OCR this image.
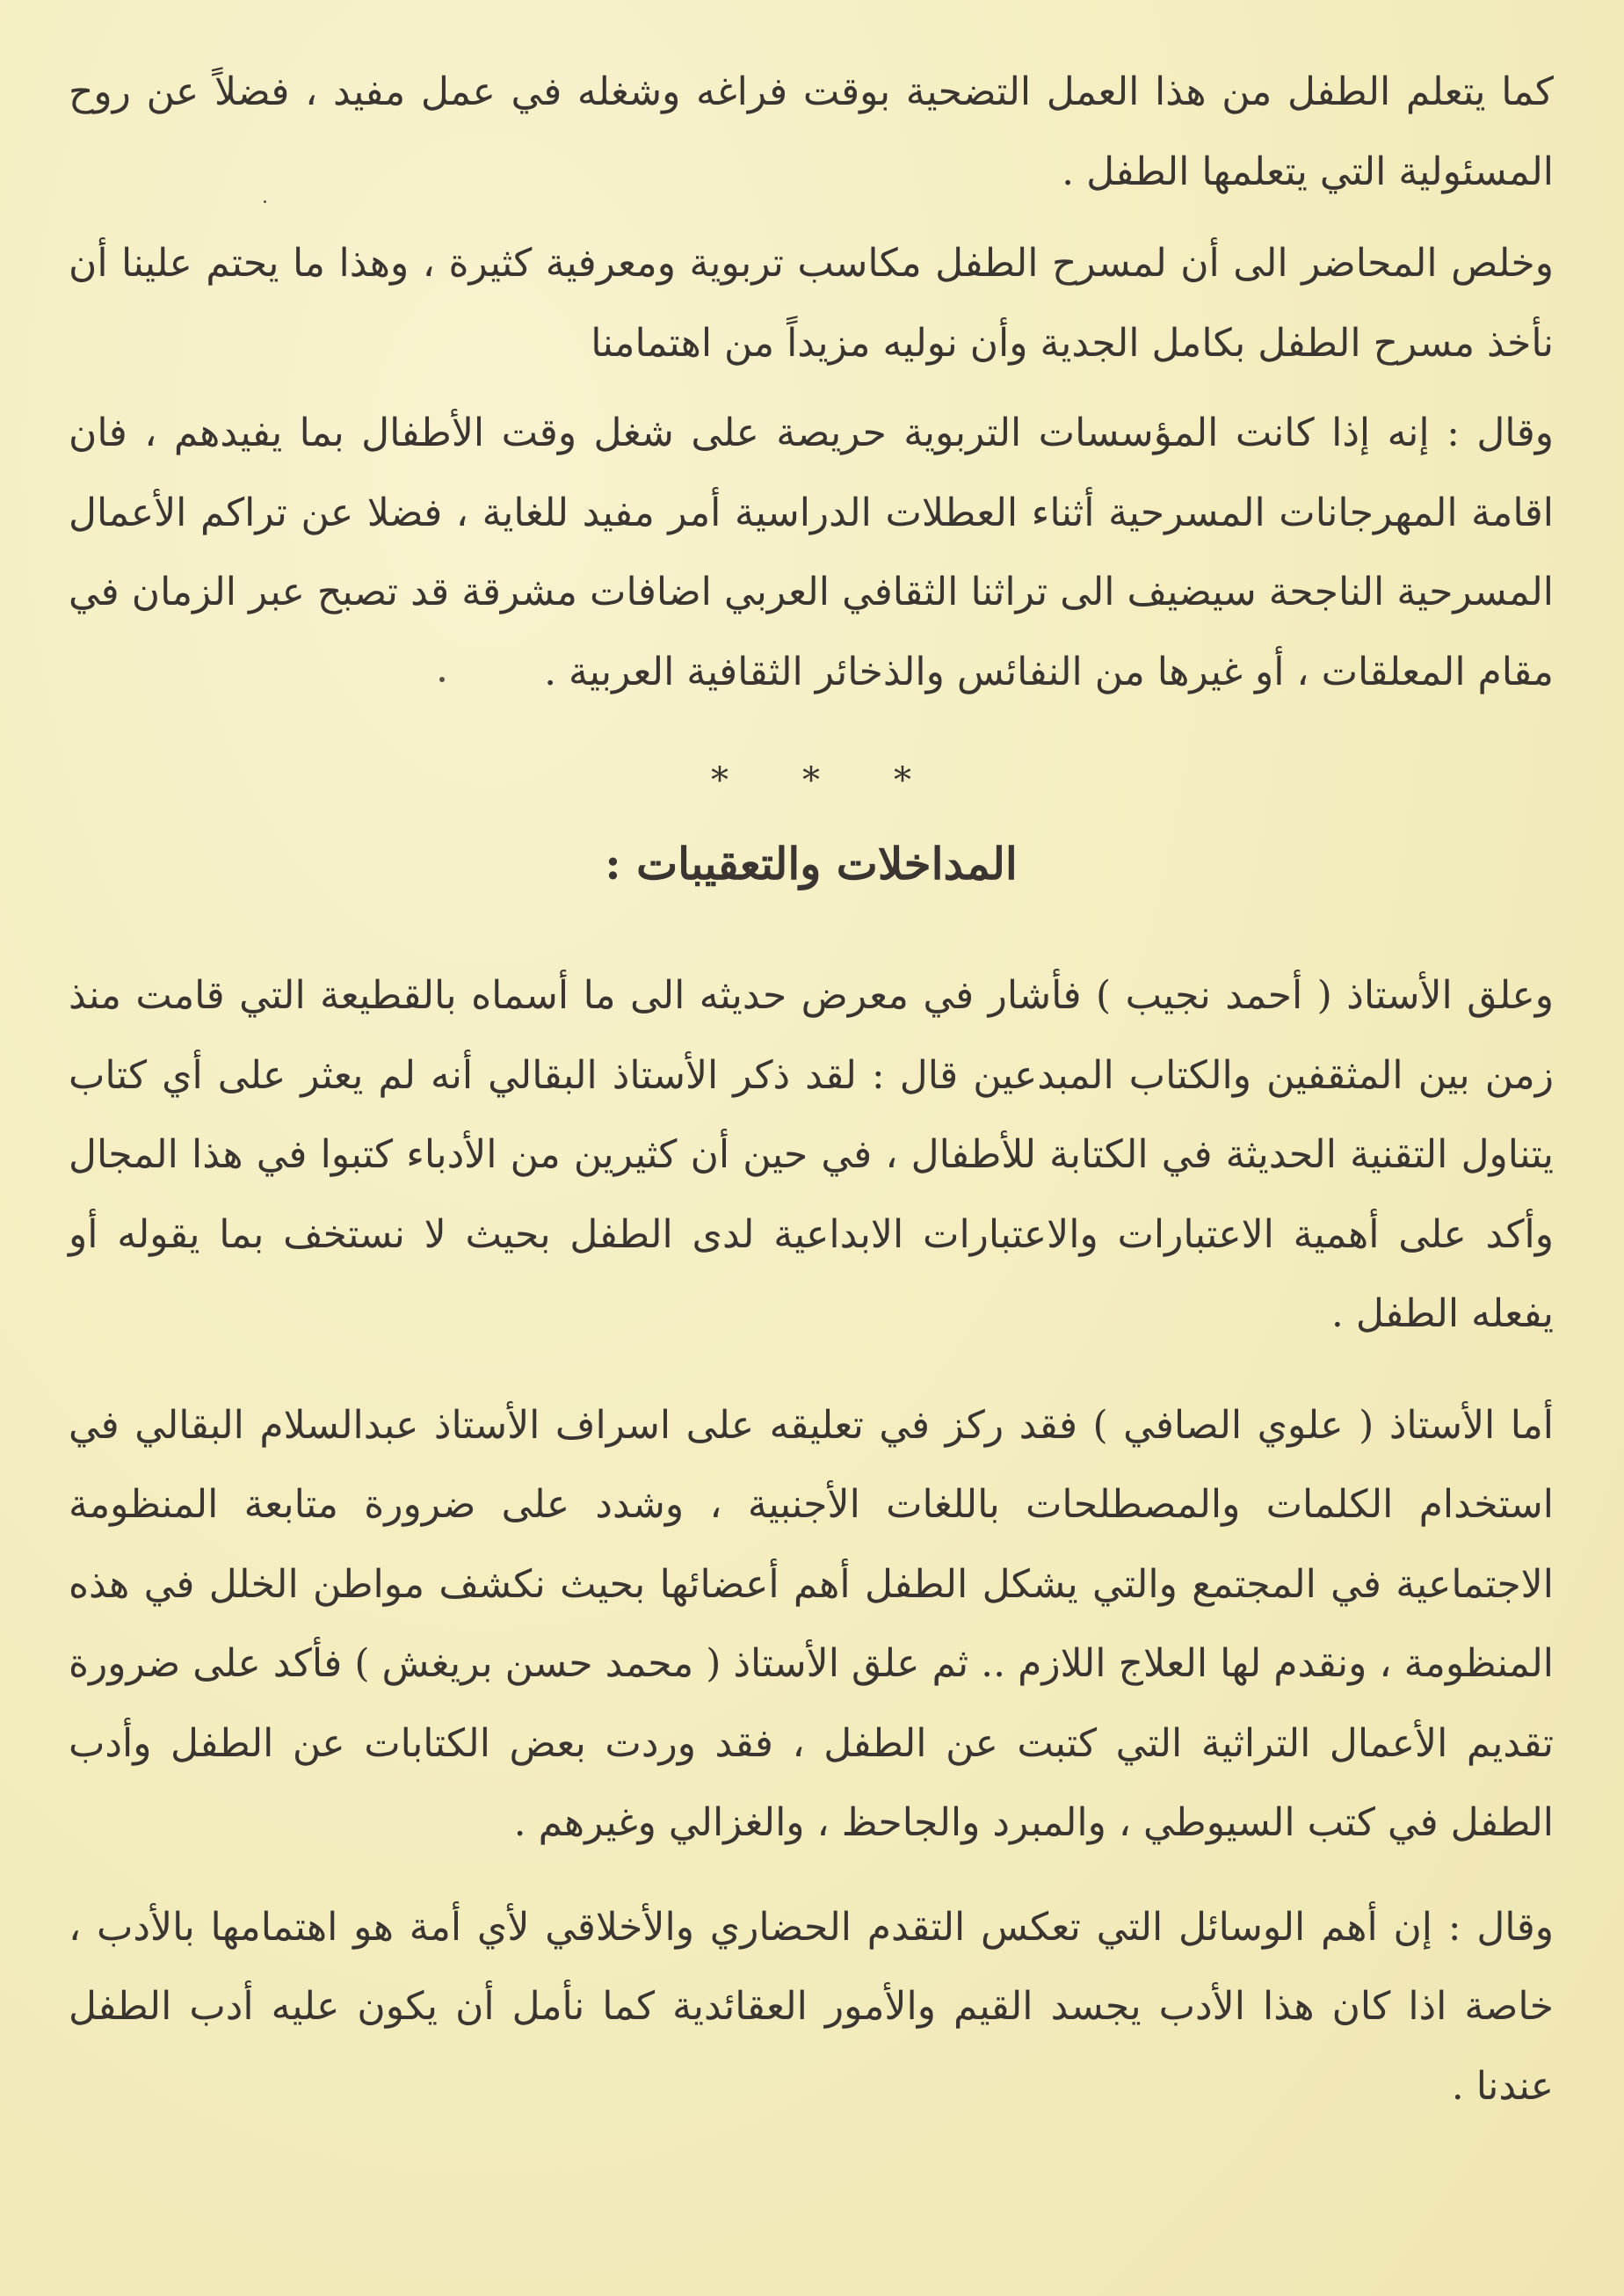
كما يتعلم الطفل من هذا العمل التضحية بوقت فراغه وشغله في عمل مفيد ، فضلاً عن روح المسئولية التي يتعلمها الطفل .

وخلص المحاضر الى أن لمسرح الطفل مكاسب تربوية ومعرفية كثيرة ، وهذا ما يحتم علينا أن نأخذ مسرح الطفل بكامل الجدية وأن نوليه مزيداً من اهتمامنا

وقال : إنه إذا كانت المؤسسات التربوية حريصة على شغل وقت الأطفال بما يفيدهم ، فان اقامة المهرجانات المسرحية أثناء العطلات الدراسية أمر مفيد للغاية ، فضلا عن تراكم الأعمال المسرحية الناجحة سيضيف الى تراثنا الثقافي العربي اضافات مشرقة قد تصبح عبر الزمان في مقام المعلقات ، أو غيرها من النفائس والذخائر الثقافية العربية .

*
*
*
المداخلات والتعقيبات :

وعلق الأستاذ ( أحمد نجيب ) فأشار في معرض حديثه الى ما أسماه بالقطيعة التي قامت منذ زمن بين المثقفين والكتاب المبدعين قال : لقد ذكر الأستاذ البقالي أنه لم يعثر على أي كتاب يتناول التقنية الحديثة في الكتابة للأطفال ، في حين أن كثيرين من الأدباء كتبوا في هذا المجال وأكد على أهمية الاعتبارات والاعتبارات الابداعية لدى الطفل بحيث لا نستخف بما يقوله أو يفعله الطفل .

أما الأستاذ ( علوي الصافي ) فقد ركز في تعليقه على اسراف الأستاذ عبدالسلام البقالي في استخدام الكلمات والمصطلحات باللغات الأجنبية ، وشدد على ضرورة متابعة المنظومة الاجتماعية في المجتمع والتي يشكل الطفل أهم أعضائها بحيث نكشف مواطن الخلل في هذه المنظومة ، ونقدم لها العلاج اللازم .. ثم علق الأستاذ ( محمد حسن بريغش ) فأكد على ضرورة تقديم الأعمال التراثية التي كتبت عن الطفل ، فقد وردت بعض الكتابات عن الطفل وأدب الطفل في كتب السيوطي ، والمبرد والجاحظ ، والغزالي وغيرهم .

وقال : إن أهم الوسائل التي تعكس التقدم الحضاري والأخلاقي لأي أمة هو اهتمامها بالأدب ، خاصة اذا كان هذا الأدب يجسد القيم والأمور العقائدية كما نأمل أن يكون عليه أدب الطفل عندنا .
